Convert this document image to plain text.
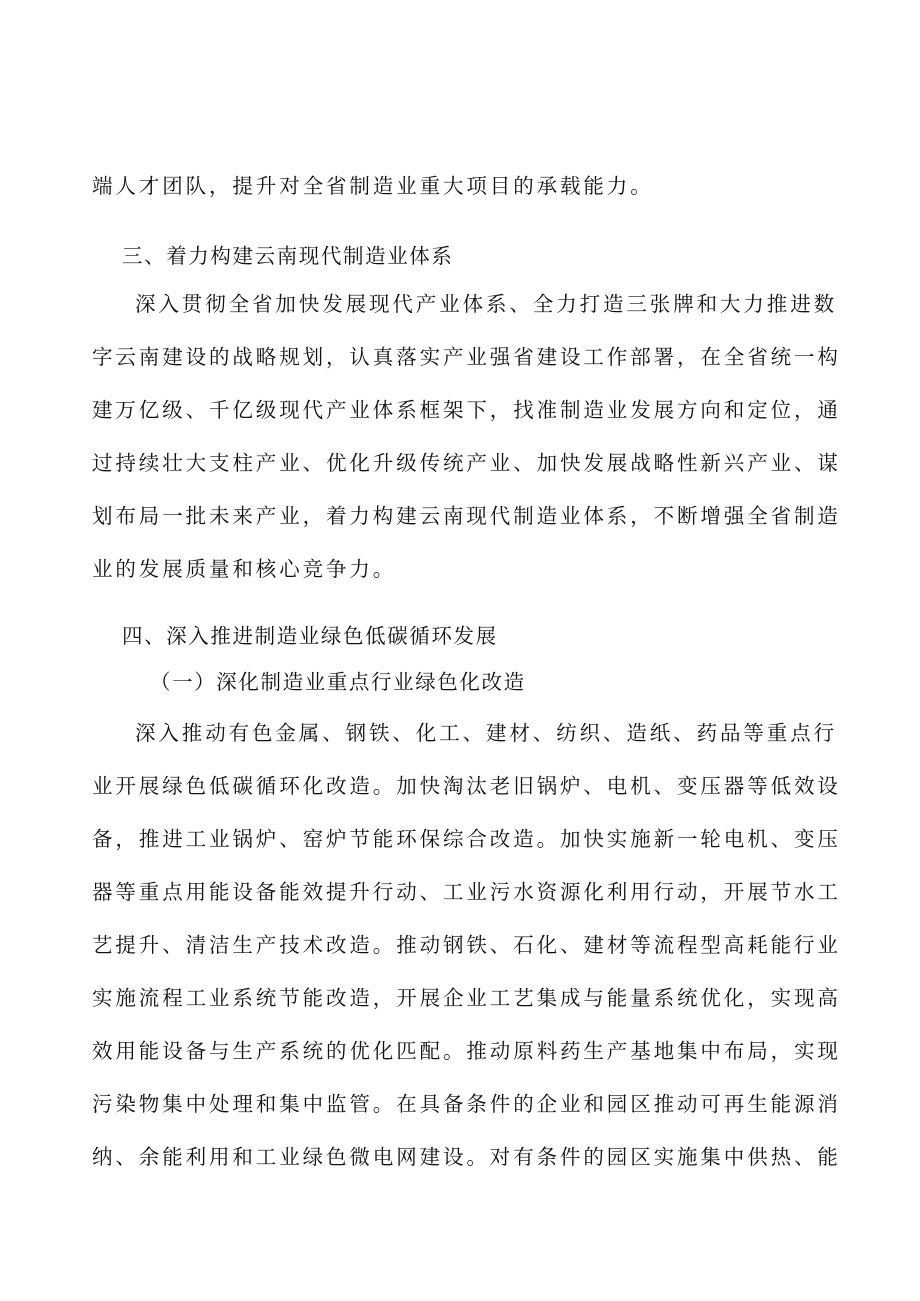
端人才团队，提升对全省制造业重大项目的承载能力。
三、着力构建云南现代制造业体系
深入贯彻全省加快发展现代产业体系、全力打造三张牌和大力推进数
字云南建设的战略规划，认真落实产业强省建设工作部署，在全省统一构
建万亿级、千亿级现代产业体系框架下，找准制造业发展方向和定位，通
过持续壮大支柱产业、优化升级传统产业、加快发展战略性新兴产业、谋
划布局一批未来产业，着力构建云南现代制造业体系，不断增强全省制造
业的发展质量和核心竞争力。
四、深入推进制造业绿色低碳循环发展
（一）深化制造业重点行业绿色化改造
深入推动有色金属、钢铁、化工、建材、纺织、造纸、药品等重点行
业开展绿色低碳循环化改造。加快淘汰老旧锅炉、电机、变压器等低效设
备，推进工业锅炉、窑炉节能环保综合改造。加快实施新一轮电机、变压
器等重点用能设备能效提升行动、工业污水资源化利用行动，开展节水工
艺提升、清洁生产技术改造。推动钢铁、石化、建材等流程型高耗能行业
实施流程工业系统节能改造，开展企业工艺集成与能量系统优化，实现高
效用能设备与生产系统的优化匹配。推动原料药生产基地集中布局，实现
污染物集中处理和集中监管。在具备条件的企业和园区推动可再生能源消
纳、余能利用和工业绿色微电网建设。对有条件的园区实施集中供热、能
